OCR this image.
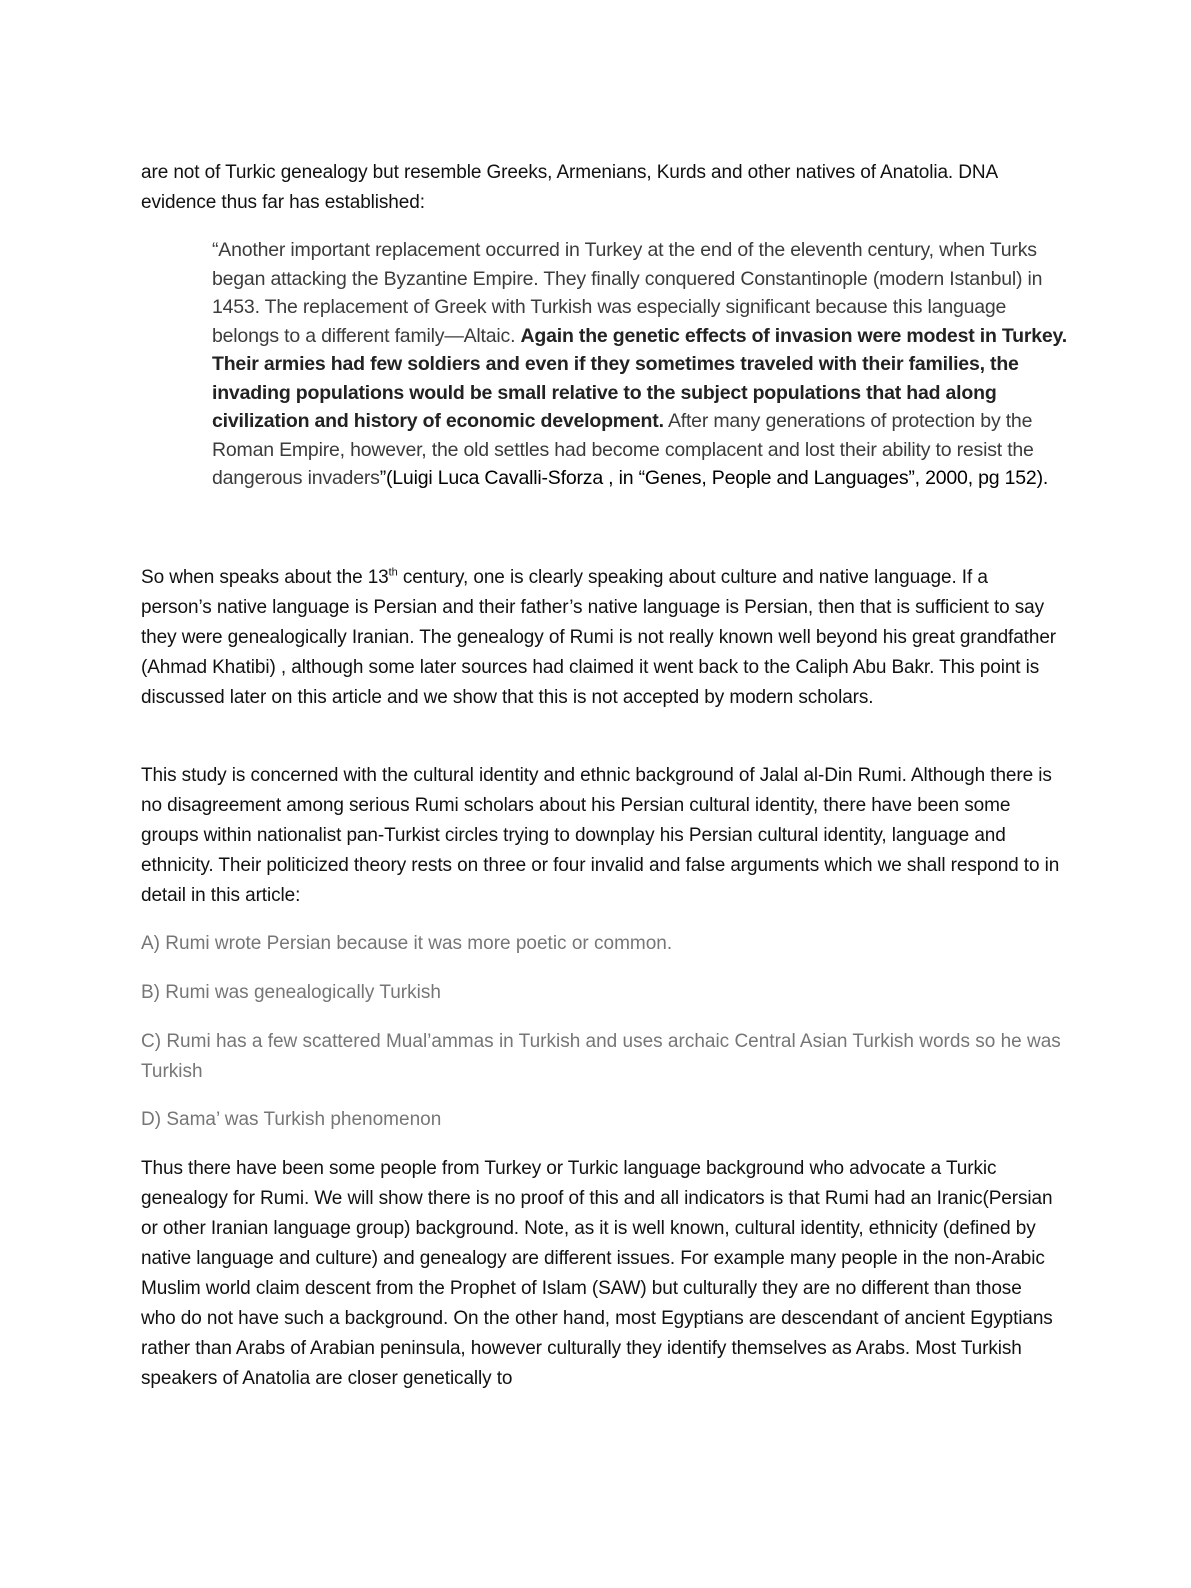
are not of Turkic genealogy but resemble Greeks, Armenians, Kurds and other natives of Anatolia. DNA evidence thus far has established:

“Another important replacement occurred in Turkey at the end of the eleventh century, when Turks began attacking the Byzantine Empire. They finally conquered Constantinople (modern Istanbul) in 1453. The replacement of Greek with Turkish was especially significant because this language belongs to a different family—Altaic. Again the genetic effects of invasion were modest in Turkey. Their armies had few soldiers and even if they sometimes traveled with their families, the invading populations would be small relative to the subject populations that had along civilization and history of economic development. After many generations of protection by the Roman Empire, however, the old settles had become complacent and lost their ability to resist the dangerous invaders”(Luigi Luca Cavalli-Sforza , in “Genes, People and Languages”, 2000, pg 152).

So when speaks about the 13th century, one is clearly speaking about culture and native language. If a person’s native language is Persian and their father’s native language is Persian, then that is sufficient to say they were genealogically Iranian. The genealogy of Rumi is not really known well beyond his great grandfather (Ahmad Khatibi) , although some later sources had claimed it went back to the Caliph Abu Bakr. This point is discussed later on this article and we show that this is not accepted by modern scholars.

This study is concerned with the cultural identity and ethnic background of Jalal al-Din Rumi. Although there is no disagreement among serious Rumi scholars about his Persian cultural identity, there have been some groups within nationalist pan-Turkist circles trying to downplay his Persian cultural identity, language and ethnicity. Their politicized theory rests on three or four invalid and false arguments which we shall respond to in detail in this article:

A) Rumi wrote Persian because it was more poetic or common.

B) Rumi was genealogically Turkish

C) Rumi has a few scattered Mual’ammas in Turkish and uses archaic Central Asian Turkish words so he was Turkish

D) Sama’ was Turkish phenomenon

Thus there have been some people from Turkey or Turkic language background who advocate a Turkic genealogy for Rumi. We will show there is no proof of this and all indicators is that Rumi had an Iranic(Persian or other Iranian language group) background. Note, as it is well known, cultural identity, ethnicity (defined by native language and culture) and genealogy are different issues. For example many people in the non-Arabic Muslim world claim descent from the Prophet of Islam (SAW) but culturally they are no different than those who do not have such a background. On the other hand, most Egyptians are descendant of ancient Egyptians rather than Arabs of Arabian peninsula, however culturally they identify themselves as Arabs. Most Turkish speakers of Anatolia are closer genetically to
